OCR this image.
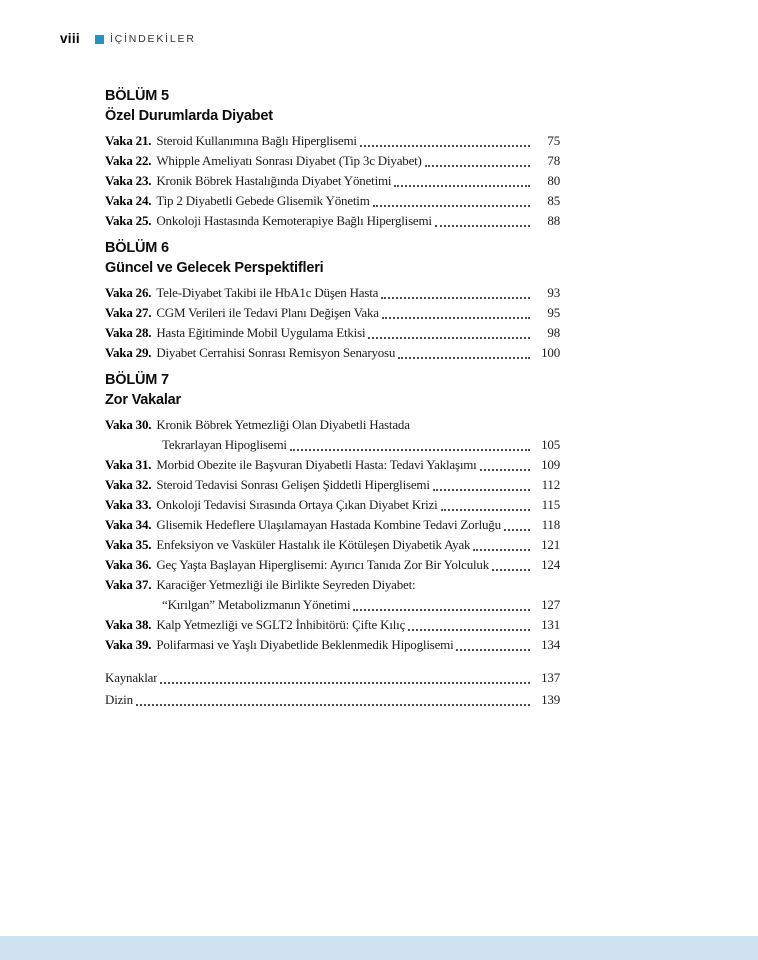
viii	İÇİNDEKİLER
BÖLÜM 5
Özel Durumlarda Diyabet
Vaka 21. Steroid Kullanımına Bağlı Hiperglisemi	75
Vaka 22. Whipple Ameliyatı Sonrası Diyabet (Tip 3c Diyabet)	78
Vaka 23. Kronik Böbrek Hastalığında Diyabet Yönetimi	80
Vaka 24. Tip 2 Diyabetli Gebede Glisemik Yönetim	85
Vaka 25. Onkoloji Hastasında Kemoterapiye Bağlı Hiperglisemi	88
BÖLÜM 6
Güncel ve Gelecek Perspektifleri
Vaka 26. Tele-Diyabet Takibi ile HbA1c Düşen Hasta	93
Vaka 27. CGM Verileri ile Tedavi Planı Değişen Vaka	95
Vaka 28. Hasta Eğitiminde Mobil Uygulama Etkisi	98
Vaka 29. Diyabet Cerrahisi Sonrası Remisyon Senaryosu	100
BÖLÜM 7
Zor Vakalar
Vaka 30. Kronik Böbrek Yetmezliği Olan Diyabetli Hastada
Tekrarlayan Hipoglisemi	105
Vaka 31. Morbid Obezite ile Başvuran Diyabetli Hasta: Tedavi Yaklaşımı	109
Vaka 32. Steroid Tedavisi Sonrası Gelişen Şiddetli Hiperglisemi	112
Vaka 33. Onkoloji Tedavisi Sırasında Ortaya Çıkan Diyabet Krizi	115
Vaka 34. Glisemik Hedeflere Ulaşılamayan Hastada Kombine Tedavi Zorluğu	118
Vaka 35. Enfeksiyon ve Vasküler Hastalık ile Kötüleşen Diyabetik Ayak	121
Vaka 36. Geç Yaşta Başlayan Hiperglisemi: Ayırıcı Tanıda Zor Bir Yolculuk	124
Vaka 37. Karaciğer Yetmezliği ile Birlikte Seyreden Diyabet:
“Kırılgan” Metabolizmanın Yönetimi	127
Vaka 38. Kalp Yetmezliği ve SGLT2 İnhibitörü: Çifte Kılıç	131
Vaka 39. Polifarmasi ve Yaşlı Diyabetlide Beklenmedik Hipoglisemi	134
Kaynaklar	137
Dizin	139
